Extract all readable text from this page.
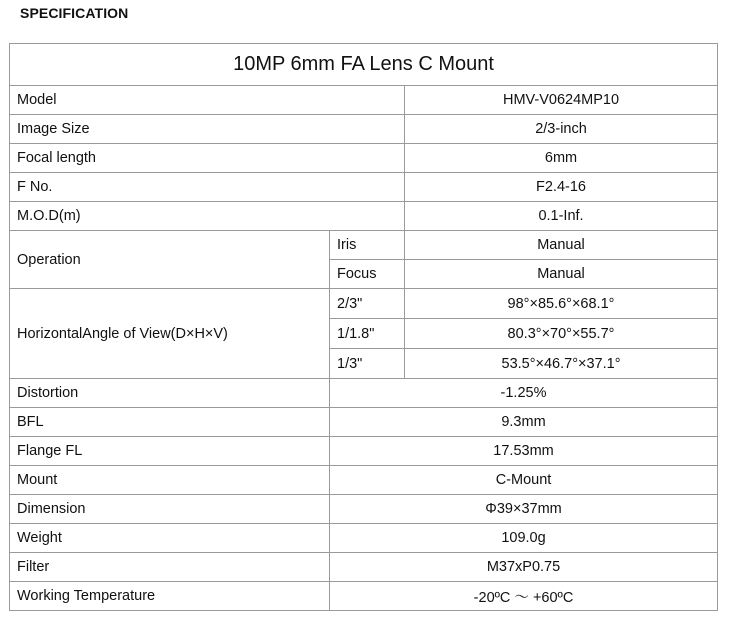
SPECIFICATION
10MP 6mm FA Lens C Mount		
Model		HMV-V0624MP10
Image Size		2/3-inch
Focal length		6mm
F No.		F2.4-16
M.O.D(m)		0.1-Inf.
Operation	Iris	Manual
	Focus	Manual
HorizontalAngle of View(D×H×V)	2/3"	98°×85.6°×68.1°
	1/1.8"	80.3°×70°×55.7°
	1/3"	53.5°×46.7°×37.1°
Distortion	-1.25%	
BFL	9.3mm	
Flange FL	17.53mm	
Mount	C-Mount	
Dimension	Φ39×37mm	
Weight	109.0g	
Filter	M37xP0.75	
Working Temperature	-20ºC ～ +60ºC	
